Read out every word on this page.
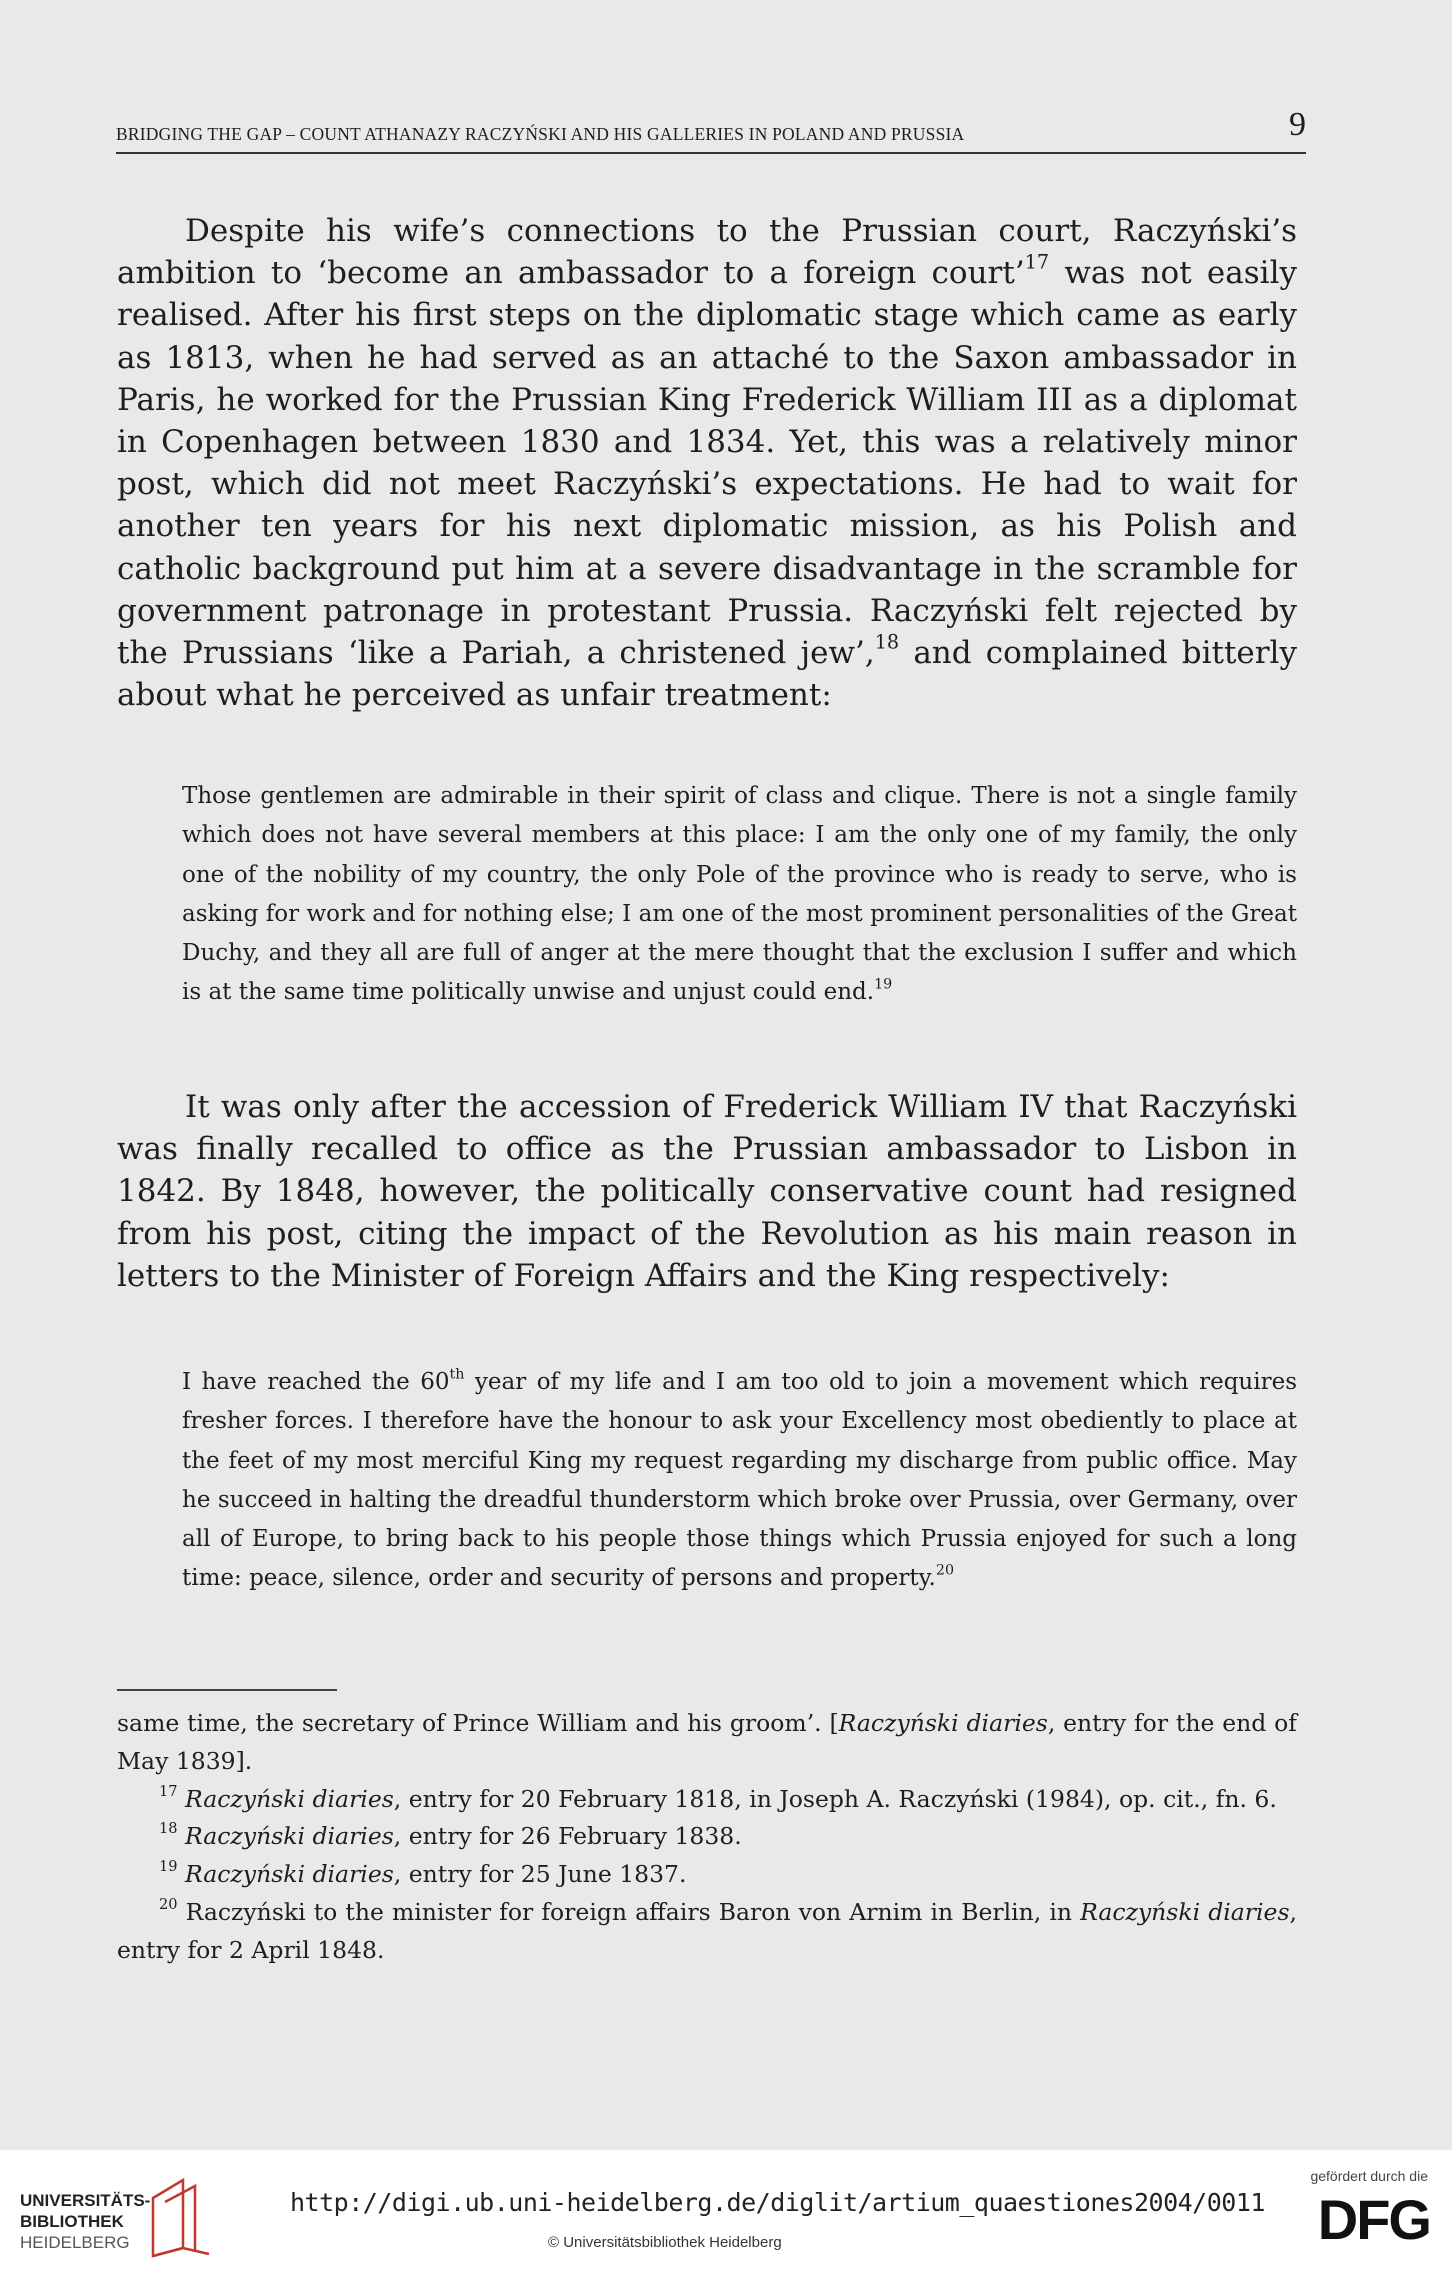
BRIDGING THE GAP – COUNT ATHANAZY RACZYŃSKI AND HIS GALLERIES IN POLAND AND PRUSSIA	9

Despite his wife’s connections to the Prussian court, Raczyński’s ambition to ‘become an ambassador to a foreign court’$^{17}$ was not easily realised. After his first steps on the diplomatic stage which came as early as 1813, when he had served as an attaché to the Saxon ambassador in Paris, he worked for the Prussian King Frederick William III as a diplomat in Copenhagen between 1830 and 1834. Yet, this was a relatively minor post, which did not meet Raczyński’s expectations. He had to wait for another ten years for his next diplomatic mission, as his Polish and catholic background put him at a severe disadvantage in the scramble for government patronage in protestant Prussia. Raczyński felt rejected by the Prussians ‘like a Pariah, a christened jew’,$^{18}$ and complained bitterly about what he perceived as unfair treatment:

Those gentlemen are admirable in their spirit of class and clique. There is not a single family which does not have several members at this place: I am the only one of my family, the only one of the nobility of my country, the only Pole of the province who is ready to serve, who is asking for work and for nothing else; I am one of the most prominent personalities of the Great Duchy, and they all are full of anger at the mere thought that the exclusion I suffer and which is at the same time politically unwise and unjust could end.$^{19}$

It was only after the accession of Frederick William IV that Raczyński was finally recalled to office as the Prussian ambassador to Lisbon in 1842. By 1848, however, the politically conservative count had resigned from his post, citing the impact of the Revolution as his main reason in letters to the Minister of Foreign Affairs and the King respectively:

I have reached the 60th year of my life and I am too old to join a movement which requires fresher forces. I therefore have the honour to ask your Excellency most obediently to place at the feet of my most merciful King my request regarding my discharge from public office. May he succeed in halting the dreadful thunderstorm which broke over Prussia, over Germany, over all of Europe, to bring back to his people those things which Prussia enjoyed for such a long time: peace, silence, order and security of persons and property.$^{20}$

same time, the secretary of Prince William and his groom’. [Raczyński diaries, entry for the end of May 1839].

$^{17}$ Raczyński diaries, entry for 20 February 1818, in Joseph A. Raczyński (1984), op. cit., fn. 6.

$^{18}$ Raczyński diaries, entry for 26 February 1838.

$^{19}$ Raczyński diaries, entry for 25 June 1837.

$^{20}$ Raczyński to the minister for foreign affairs Baron von Arnim in Berlin, in Raczyński diaries, entry for 2 April 1848.

UNIVERSITÄTS-
BIBLIOTHEK
HEIDELBERG
http://digi.ub.uni-heidelberg.de/diglit/artium_quaestiones2004/0011
© Universitätsbibliothek Heidelberg
gefördert durch die
DFG
